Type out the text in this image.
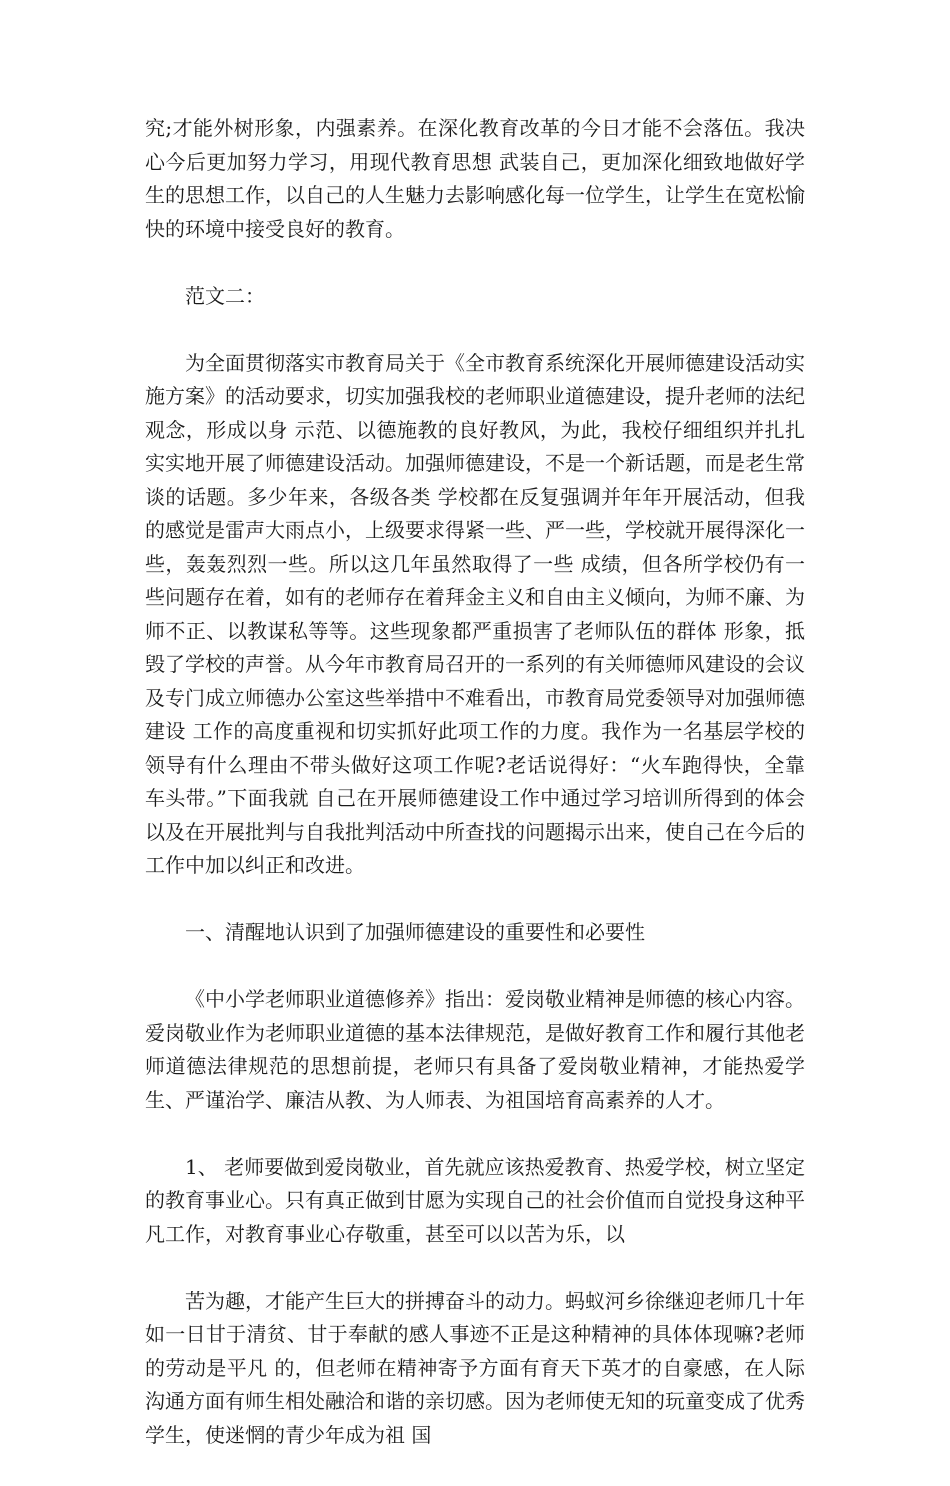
究;才能外树形象，内强素养。在深化教育改革的今日才能不会落伍。我决心今后更加努力学习，用现代教育思想 武装自己，更加深化细致地做好学生的思想工作，以自己的人生魅力去影响感化每一位学生，让学生在宽松愉快的环境中接受良好的教育。

范文二：

为全面贯彻落实市教育局关于《全市教育系统深化开展师德建设活动实施方案》的活动要求，切实加强我校的老师职业道德建设，提升老师的法纪观念，形成以身 示范、以德施教的良好教风，为此，我校仔细组织并扎扎实实地开展了师德建设活动。加强师德建设，不是一个新话题，而是老生常谈的话题。多少年来，各级各类 学校都在反复强调并年年开展活动，但我的感觉是雷声大雨点小，上级要求得紧一些、严一些，学校就开展得深化一些，轰轰烈烈一些。所以这几年虽然取得了一些 成绩，但各所学校仍有一些问题存在着，如有的老师存在着拜金主义和自由主义倾向，为师不廉、为师不正、以教谋私等等。这些现象都严重损害了老师队伍的群体 形象，抵毁了学校的声誉。从今年市教育局召开的一系列的有关师德师风建设的会议及专门成立师德办公室这些举措中不难看出，市教育局党委领导对加强师德建设 工作的高度重视和切实抓好此项工作的力度。我作为一名基层学校的领导有什么理由不带头做好这项工作呢?老话说得好：“火车跑得快，全靠车头带。”下面我就 自己在开展师德建设工作中通过学习培训所得到的体会以及在开展批判与自我批判活动中所查找的问题揭示出来，使自己在今后的工作中加以纠正和改进。

一、清醒地认识到了加强师德建设的重要性和必要性

《中小学老师职业道德修养》指出：爱岗敬业精神是师德的核心内容。爱岗敬业作为老师职业道德的基本法律规范，是做好教育工作和履行其他老师道德法律规范的思想前提，老师只有具备了爱岗敬业精神，才能热爱学生、严谨治学、廉洁从教、为人师表、为祖国培育高素养的人才。

1、 老师要做到爱岗敬业，首先就应该热爱教育、热爱学校，树立坚定的教育事业心。只有真正做到甘愿为实现自己的社会价值而自觉投身这种平凡工作，对教育事业心存敬重，甚至可以以苦为乐，以

苦为趣，才能产生巨大的拼搏奋斗的动力。蚂蚁河乡徐继迎老师几十年如一日甘于清贫、甘于奉献的感人事迹不正是这种精神的具体体现嘛?老师的劳动是平凡 的，但老师在精神寄予方面有育天下英才的自豪感，在人际沟通方面有师生相处融洽和谐的亲切感。因为老师使无知的玩童变成了优秀学生，使迷惘的青少年成为祖 国
